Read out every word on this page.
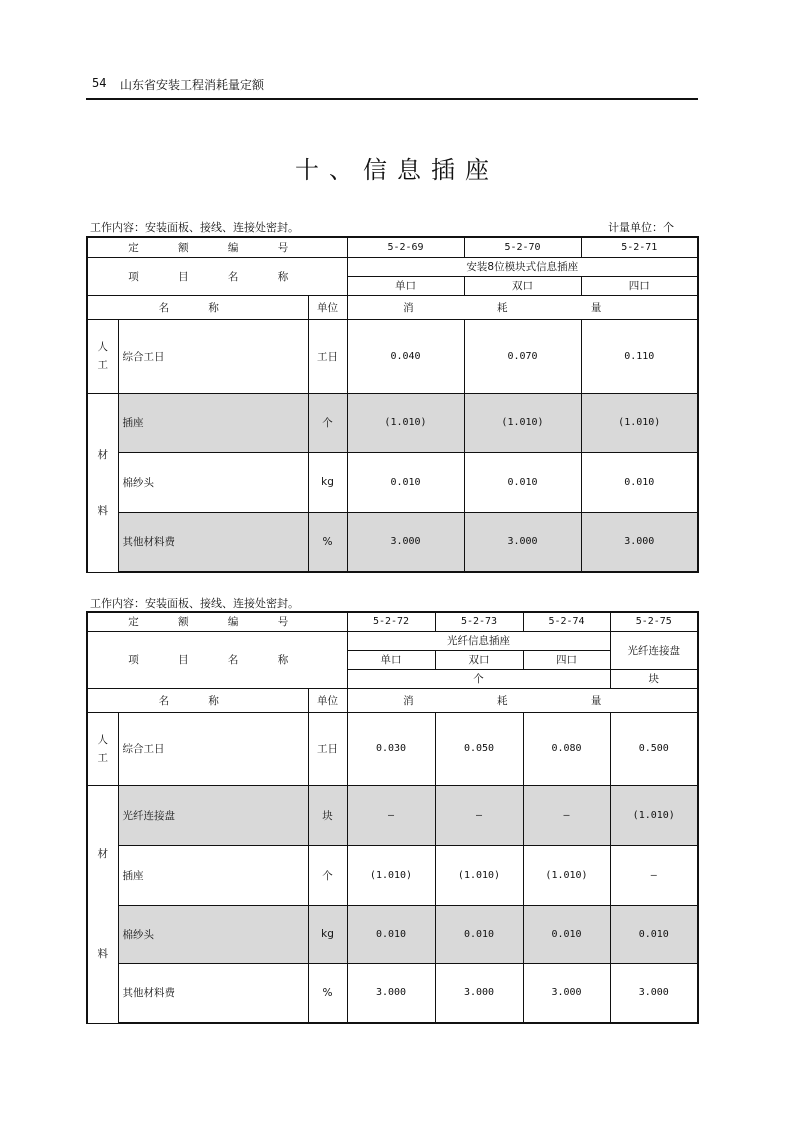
54 山东省安装工程消耗量定额
十、信息插座
工作内容：安装面板、接线、连接处密封。	计量单位：个
定 额 编 号			5-2-69	5-2-70	5-2-71
项 目 名 称			安装8位模块式信息插座		
			单口	双口	四口
名 称		单位	消 耗 量		
人工	综合工日	工日	0.040	0.070	0.110

材料	插座	个	(1.010)	(1.010)	(1.010)
	棉纱头	kg	0.010	0.010	0.010
	其他材料费	%	3.000	3.000	3.000
工作内容：安装面板、接线、连接处密封。
定 额 编 号			5-2-72	5-2-73	5-2-74	5-2-75
项 目 名 称			光纤信息插座			光纤连接盘
			单口	双口	四口	
			个			块
名 称		单位	消 耗 量			
人工	综合工日	工日	0.030	0.050	0.080	0.500

材料	光纤连接盘	块	—	—	—	(1.010)
	插座	个	(1.010)	(1.010)	(1.010)	—
	棉纱头	kg	0.010	0.010	0.010	0.010
	其他材料费	%	3.000	3.000	3.000	3.000
